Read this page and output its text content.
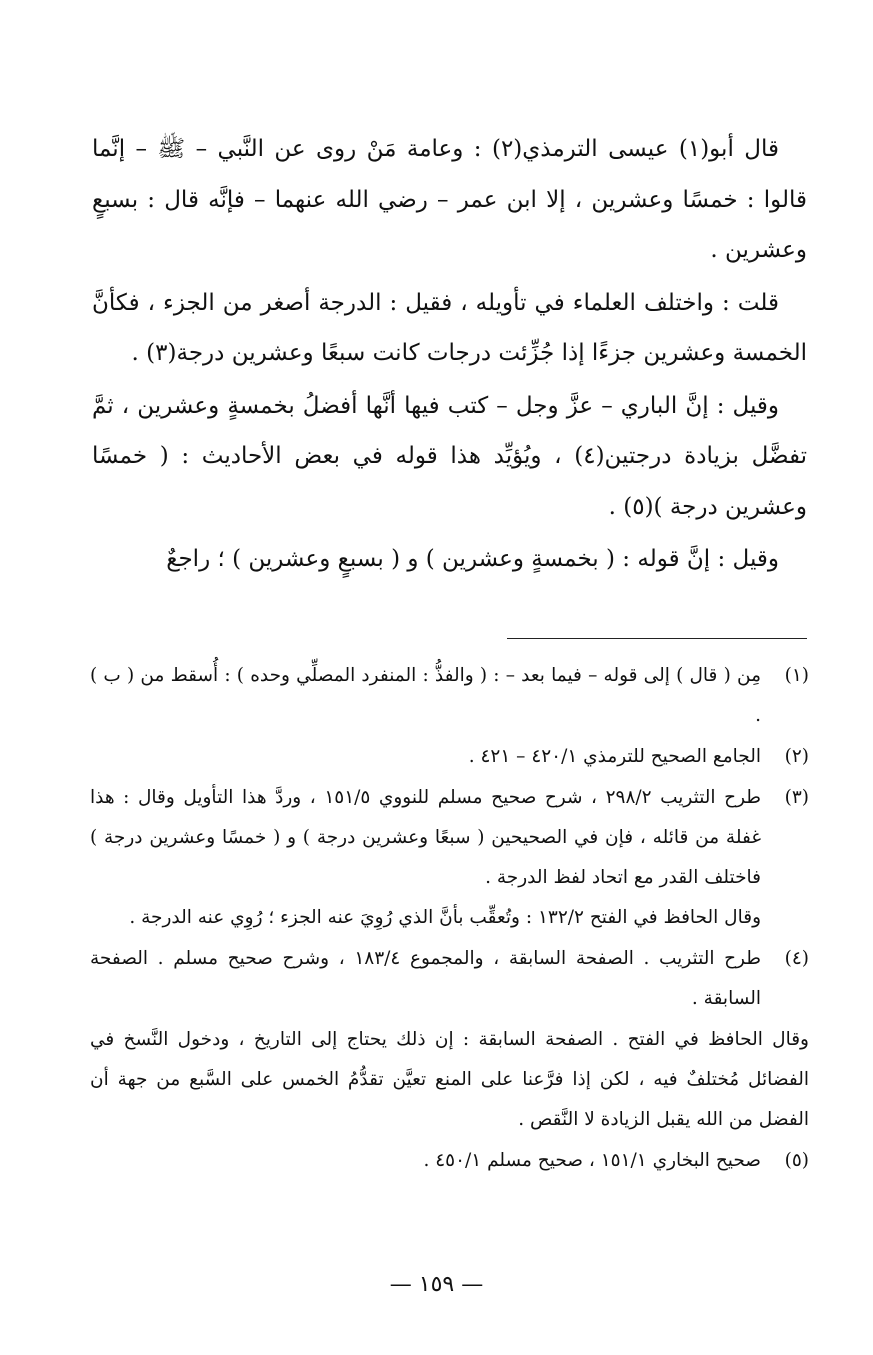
قال أبو(١) عيسى الترمذي(٢) : وعامة مَنْ روى عن النَّبي – ﷺ – إنَّما قالوا : خمسًا وعشرين ، إلا ابن عمر – رضي الله عنهما – فإنَّه قال : بسبعٍ وعشرين .

قلت : واختلف العلماء في تأويله ، فقيل : الدرجة أصغر من الجزء ، فكأنَّ الخمسة وعشرين جزءًا إذا جُزِّئت درجات كانت سبعًا وعشرين درجة(٣) .

وقيل : إنَّ الباري – عزَّ وجل – كتب فيها أنَّها أفضلُ بخمسةٍ وعشرين ، ثمَّ تفضَّل بزيادة درجتين(٤) ، ويُؤيِّد هذا قوله في بعض الأحاديث : ( خمسًا وعشرين درجة )(٥) .

وقيل : إنَّ قوله : ( بخمسةٍ وعشرين ) و ( بسبعٍ وعشرين ) ؛ راجعٌ

(١)
مِن ( قال ) إلى قوله – فيما بعد – : ( والفذُّ : المنفرد المصلِّي وحده ) : أُسقط من ( ب ) .
(٢)
الجامع الصحيح للترمذي ٤٢٠/١ – ٤٢١ .
(٣)
طرح التثريب ٢٩٨/٢ ، شرح صحيح مسلم للنووي ١٥١/٥ ، وردَّ هذا التأويل وقال : هذا غفلة من قائله ، فإن في الصحيحين ( سبعًا وعشرين درجة ) و ( خمسًا وعشرين درجة ) فاختلف القدر مع اتحاد لفظ الدرجة .
وقال الحافظ في الفتح ١٣٢/٢ : وتُعقِّب بأنَّ الذي رُوِيَ عنه الجزء ؛ رُوِي عنه الدرجة .
(٤)
طرح التثريب . الصفحة السابقة ، والمجموع ١٨٣/٤ ، وشرح صحيح مسلم . الصفحة السابقة .
وقال الحافظ في الفتح . الصفحة السابقة : إن ذلك يحتاج إلى التاريخ ، ودخول النَّسخ في الفضائل مُختلفٌ فيه ، لكن إذا فرَّعنا على المنع تعيَّن تقدُّمُ الخمس على السَّبع من جهة أن الفضل من الله يقبل الزيادة لا النَّقص .
(٥)
صحيح البخاري ١٥١/١ ، صحيح مسلم ٤٥٠/١ .
— ١٥٩ —
